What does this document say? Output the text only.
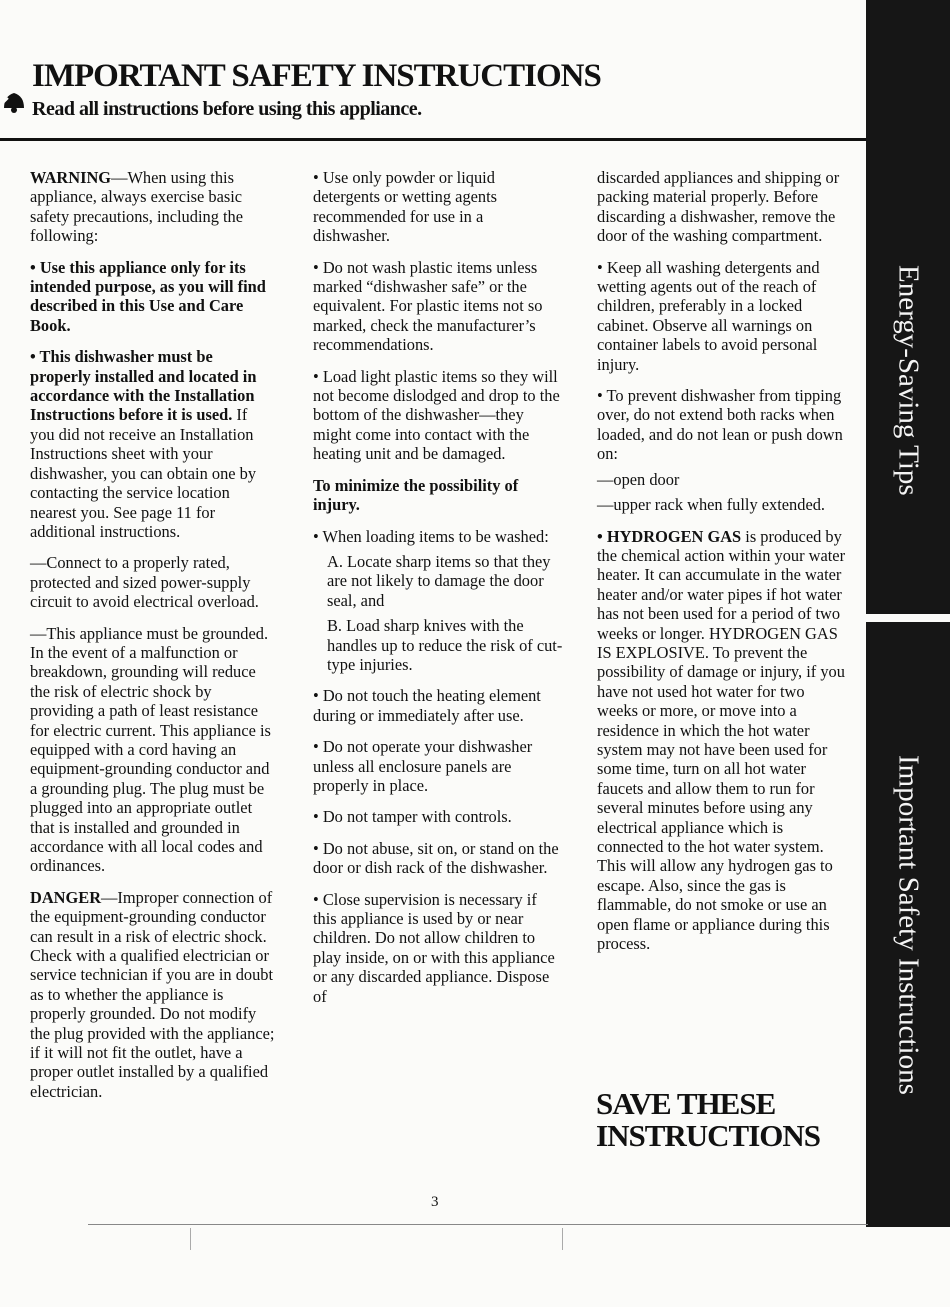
IMPORTANT SAFETY INSTRUCTIONS

Read all instructions before using this appliance.

Energy-Saving Tips
Important Safety Instructions

WARNING—When using this appliance, always exercise basic safety precautions, including the following:

• Use this appliance only for its intended purpose, as you will find described in this Use and Care Book.

• This dishwasher must be properly installed and located in accordance with the Installation Instructions before it is used. If you did not receive an Installation Instructions sheet with your dishwasher, you can obtain one by contacting the service location nearest you. See page 11 for additional instructions.

—Connect to a properly rated, protected and sized power-supply circuit to avoid electrical overload.

—This appliance must be grounded. In the event of a malfunction or breakdown, grounding will reduce the risk of electric shock by providing a path of least resistance for electric current. This appliance is equipped with a cord having an equipment-grounding conductor and a grounding plug. The plug must be plugged into an appropriate outlet that is installed and grounded in accordance with all local codes and ordinances.

DANGER—Improper connection of the equipment-grounding conductor can result in a risk of electric shock. Check with a qualified electrician or service technician if you are in doubt as to whether the appliance is properly grounded. Do not modify the plug provided with the appliance; if it will not fit the outlet, have a proper outlet installed by a qualified electrician.

• Use only powder or liquid detergents or wetting agents recommended for use in a dishwasher.

• Do not wash plastic items unless marked “dishwasher safe” or the equivalent. For plastic items not so marked, check the manufacturer’s recommendations.

• Load light plastic items so they will not become dislodged and drop to the bottom of the dishwasher—they might come into contact with the heating unit and be damaged.

To minimize the possibility of injury.

• When loading items to be washed:

A. Locate sharp items so that they are not likely to damage the door seal, and

B. Load sharp knives with the handles up to reduce the risk of cut-type injuries.

• Do not touch the heating element during or immediately after use.

• Do not operate your dishwasher unless all enclosure panels are properly in place.

• Do not tamper with controls.

• Do not abuse, sit on, or stand on the door or dish rack of the dishwasher.

• Close supervision is necessary if this appliance is used by or near children. Do not allow children to play inside, on or with this appliance or any discarded appliance. Dispose of

discarded appliances and shipping or packing material properly. Before discarding a dishwasher, remove the door of the washing compartment.

• Keep all washing detergents and wetting agents out of the reach of children, preferably in a locked cabinet. Observe all warnings on container labels to avoid personal injury.

• To prevent dishwasher from tipping over, do not extend both racks when loaded, and do not lean or push down on:

—open door

—upper rack when fully extended.

• HYDROGEN GAS is produced by the chemical action within your water heater. It can accumulate in the water heater and/or water pipes if hot water has not been used for a period of two weeks or longer. HYDROGEN GAS IS EXPLOSIVE. To prevent the possibility of damage or injury, if you have not used hot water for two weeks or more, or move into a residence in which the hot water system may not have been used for some time, turn on all hot water faucets and allow them to run for several minutes before using any electrical appliance which is connected to the hot water system. This will allow any hydrogen gas to escape. Also, since the gas is flammable, do not smoke or use an open flame or appliance during this process.

SAVE THESE
INSTRUCTIONS
3
